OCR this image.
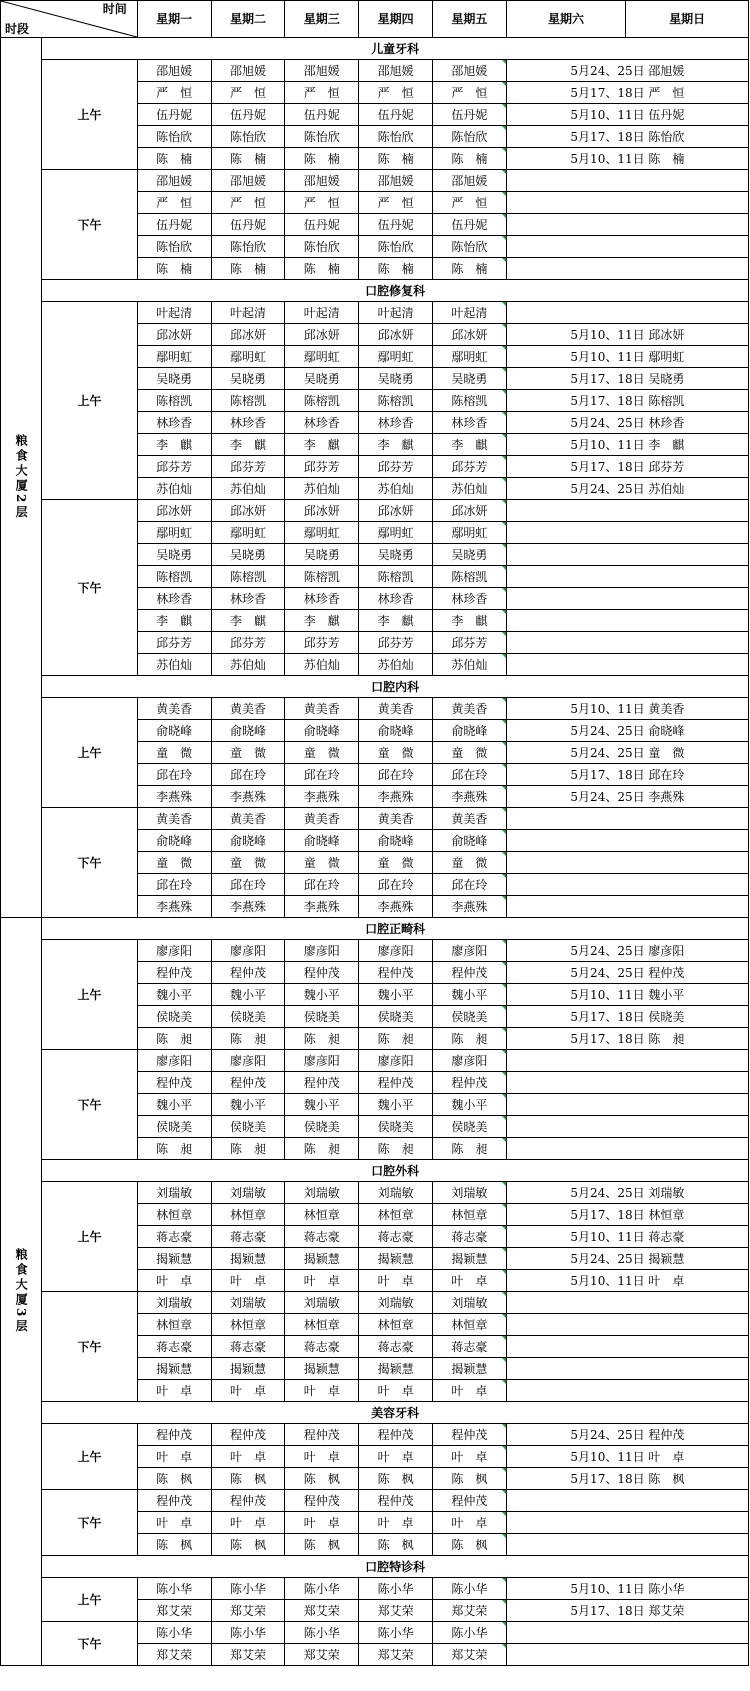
时间
时段		星期一	星期二	星期三	星期四	星期五	星期六	星期日
粮食大厦2层	儿童牙科							
	上午	邵旭媛	邵旭媛	邵旭媛	邵旭媛	邵旭媛	5月24、25日 邵旭媛	
		严　恒	严　恒	严　恒	严　恒	严　恒	5月17、18日 严　恒	
		伍丹妮	伍丹妮	伍丹妮	伍丹妮	伍丹妮	5月10、11日 伍丹妮	
		陈怡欣	陈怡欣	陈怡欣	陈怡欣	陈怡欣	5月17、18日 陈怡欣	
		陈　楠	陈　楠	陈　楠	陈　楠	陈　楠	5月10、11日 陈　楠	
	下午	邵旭媛	邵旭媛	邵旭媛	邵旭媛	邵旭媛		
		严　恒	严　恒	严　恒	严　恒	严　恒		
		伍丹妮	伍丹妮	伍丹妮	伍丹妮	伍丹妮		
		陈怡欣	陈怡欣	陈怡欣	陈怡欣	陈怡欣		
		陈　楠	陈　楠	陈　楠	陈　楠	陈　楠		
	口腔修复科							
	上午	叶起清	叶起清	叶起清	叶起清	叶起清		
		邱冰妍	邱冰妍	邱冰妍	邱冰妍	邱冰妍	5月10、11日 邱冰妍	
		鄢明虹	鄢明虹	鄢明虹	鄢明虹	鄢明虹	5月10、11日 鄢明虹	
		吴晓勇	吴晓勇	吴晓勇	吴晓勇	吴晓勇	5月17、18日 吴晓勇	
		陈榕凯	陈榕凯	陈榕凯	陈榕凯	陈榕凯	5月17、18日 陈榕凯	
		林珍香	林珍香	林珍香	林珍香	林珍香	5月24、25日 林珍香	
		李　麒	李　麒	李　麒	李　麒	李　麒	5月10、11日 李　麒	
		邱芬芳	邱芬芳	邱芬芳	邱芬芳	邱芬芳	5月17、18日 邱芬芳	
		苏伯灿	苏伯灿	苏伯灿	苏伯灿	苏伯灿	5月24、25日 苏伯灿	
	下午	邱冰妍	邱冰妍	邱冰妍	邱冰妍	邱冰妍		
		鄢明虹	鄢明虹	鄢明虹	鄢明虹	鄢明虹		
		吴晓勇	吴晓勇	吴晓勇	吴晓勇	吴晓勇		
		陈榕凯	陈榕凯	陈榕凯	陈榕凯	陈榕凯		
		林珍香	林珍香	林珍香	林珍香	林珍香		
		李　麒	李　麒	李　麒	李　麒	李　麒		
		邱芬芳	邱芬芳	邱芬芳	邱芬芳	邱芬芳		
		苏伯灿	苏伯灿	苏伯灿	苏伯灿	苏伯灿		
	口腔内科							
	上午	黄美香	黄美香	黄美香	黄美香	黄美香	5月10、11日 黄美香	
		俞晓峰	俞晓峰	俞晓峰	俞晓峰	俞晓峰	5月24、25日 俞晓峰	
		童　微	童　微	童　微	童　微	童　微	5月24、25日 童　微	
		邱在玲	邱在玲	邱在玲	邱在玲	邱在玲	5月17、18日 邱在玲	
		李燕殊	李燕殊	李燕殊	李燕殊	李燕殊	5月24、25日 李燕殊	
	下午	黄美香	黄美香	黄美香	黄美香	黄美香		
		俞晓峰	俞晓峰	俞晓峰	俞晓峰	俞晓峰		
		童　微	童　微	童　微	童　微	童　微		
		邱在玲	邱在玲	邱在玲	邱在玲	邱在玲		
		李燕殊	李燕殊	李燕殊	李燕殊	李燕殊		
粮食大厦3层	口腔正畸科							
	上午	廖彦阳	廖彦阳	廖彦阳	廖彦阳	廖彦阳	5月24、25日 廖彦阳	
		程仲茂	程仲茂	程仲茂	程仲茂	程仲茂	5月24、25日 程仲茂	
		魏小平	魏小平	魏小平	魏小平	魏小平	5月10、11日 魏小平	
		侯晓美	侯晓美	侯晓美	侯晓美	侯晓美	5月17、18日 侯晓美	
		陈　昶	陈　昶	陈　昶	陈　昶	陈　昶	5月17、18日 陈　昶	
	下午	廖彦阳	廖彦阳	廖彦阳	廖彦阳	廖彦阳		
		程仲茂	程仲茂	程仲茂	程仲茂	程仲茂		
		魏小平	魏小平	魏小平	魏小平	魏小平		
		侯晓美	侯晓美	侯晓美	侯晓美	侯晓美		
		陈　昶	陈　昶	陈　昶	陈　昶	陈　昶		
	口腔外科							
	上午	刘瑞敏	刘瑞敏	刘瑞敏	刘瑞敏	刘瑞敏	5月24、25日 刘瑞敏	
		林恒章	林恒章	林恒章	林恒章	林恒章	5月17、18日 林恒章	
		蒋志豪	蒋志豪	蒋志豪	蒋志豪	蒋志豪	5月10、11日 蒋志豪	
		揭颖慧	揭颖慧	揭颖慧	揭颖慧	揭颖慧	5月24、25日 揭颖慧	
		叶　卓	叶　卓	叶　卓	叶　卓	叶　卓	5月10、11日 叶　卓	
	下午	刘瑞敏	刘瑞敏	刘瑞敏	刘瑞敏	刘瑞敏		
		林恒章	林恒章	林恒章	林恒章	林恒章		
		蒋志豪	蒋志豪	蒋志豪	蒋志豪	蒋志豪		
		揭颖慧	揭颖慧	揭颖慧	揭颖慧	揭颖慧		
		叶　卓	叶　卓	叶　卓	叶　卓	叶　卓		
	美容牙科							
	上午	程仲茂	程仲茂	程仲茂	程仲茂	程仲茂	5月24、25日 程仲茂	
		叶　卓	叶　卓	叶　卓	叶　卓	叶　卓	5月10、11日 叶　卓	
		陈　枫	陈　枫	陈　枫	陈　枫	陈　枫	5月17、18日 陈　枫	
	下午	程仲茂	程仲茂	程仲茂	程仲茂	程仲茂		
		叶　卓	叶　卓	叶　卓	叶　卓	叶　卓		
		陈　枫	陈　枫	陈　枫	陈　枫	陈　枫		
	口腔特诊科							
	上午	陈小华	陈小华	陈小华	陈小华	陈小华	5月10、11日 陈小华	
		郑艾荣	郑艾荣	郑艾荣	郑艾荣	郑艾荣	5月17、18日 郑艾荣	
	下午	陈小华	陈小华	陈小华	陈小华	陈小华		
		郑艾荣	郑艾荣	郑艾荣	郑艾荣	郑艾荣		
